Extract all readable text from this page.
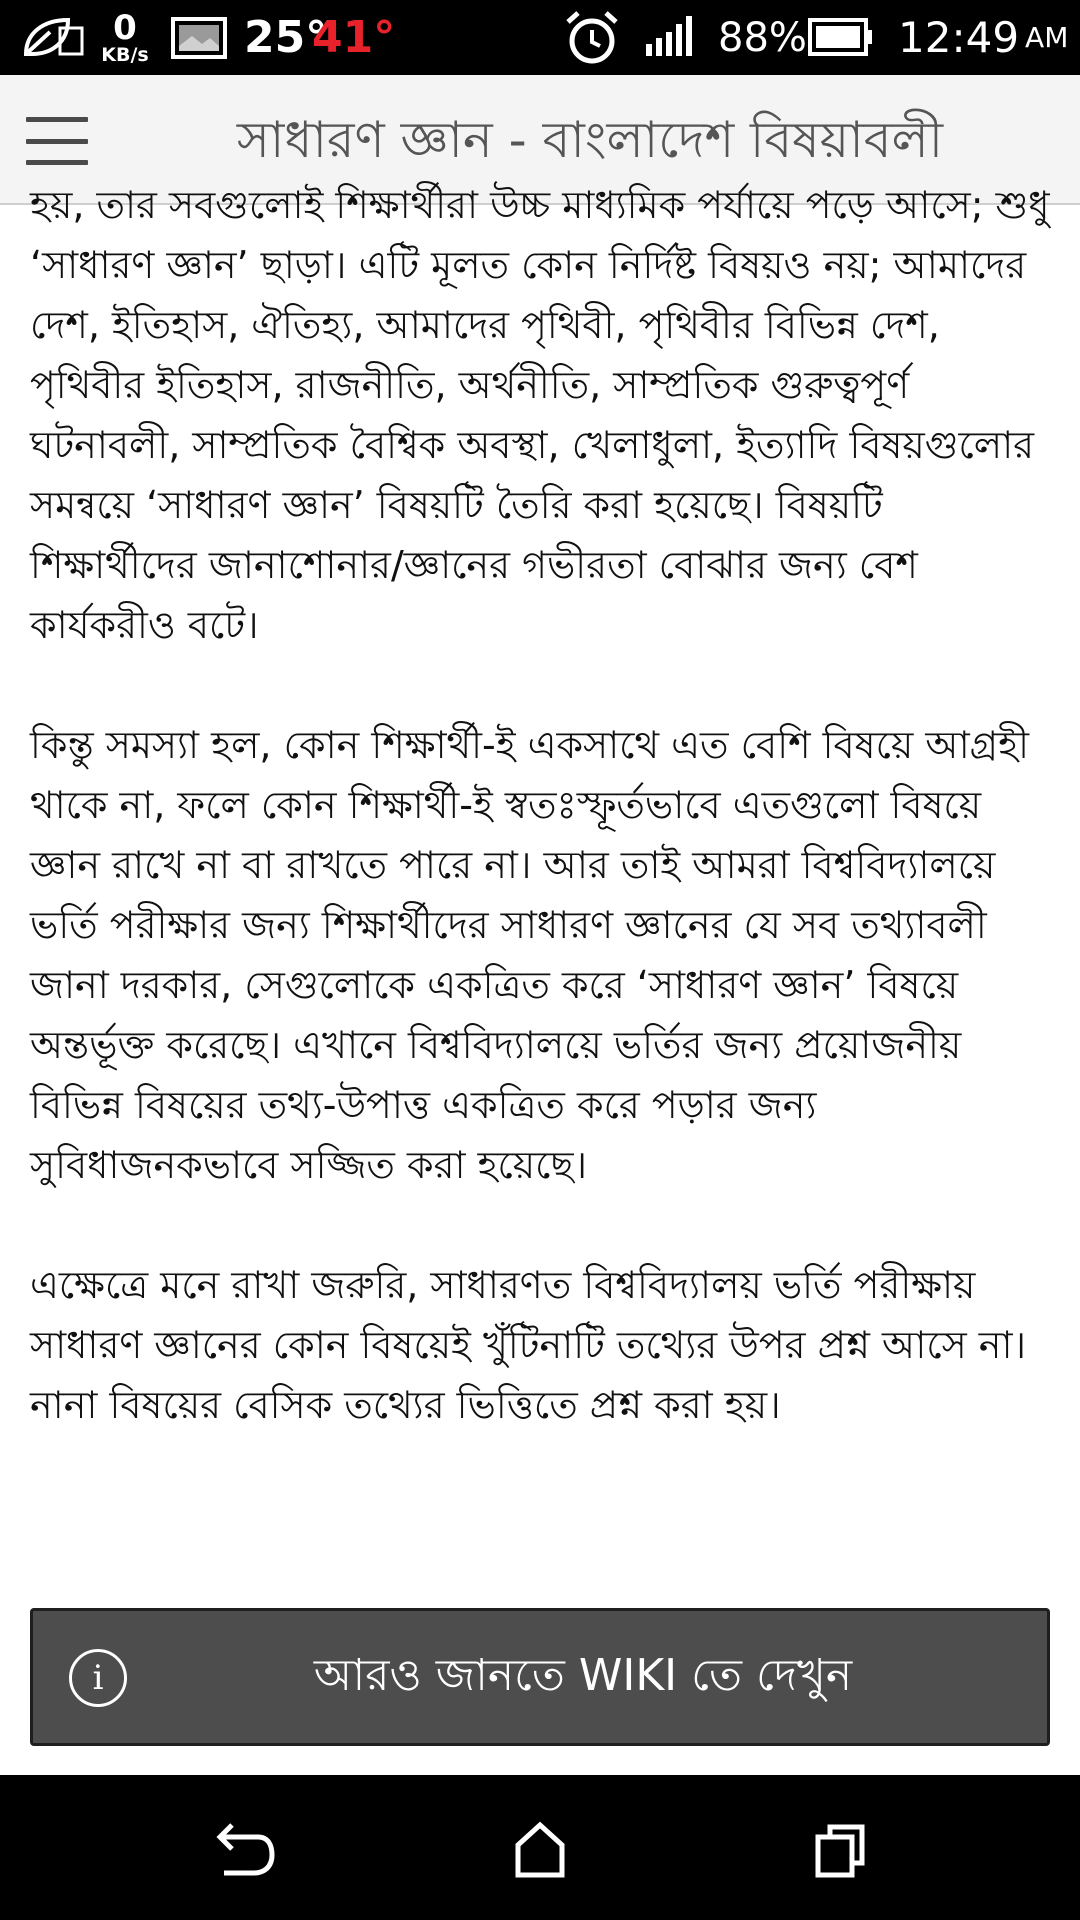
0
KB/s 25°
41°	88% 12:49 AM
সাধারণ জ্ঞান - বাংলাদেশ বিষয়াবলী

হয়, তার সবগুলোই শিক্ষার্থীরা উচ্চ মাধ্যমিক পর্যায়ে পড়ে আসে; শুধু ‘সাধারণ জ্ঞান’ ছাড়া। এটি মূলত কোন নির্দিষ্ট বিষয়ও নয়; আমাদের দেশ, ইতিহাস, ঐতিহ্য, আমাদের পৃথিবী, পৃথিবীর বিভিন্ন দেশ, পৃথিবীর ইতিহাস, রাজনীতি, অর্থনীতি, সাম্প্রতিক গুরুত্বপূর্ণ ঘটনাবলী, সাম্প্রতিক বৈশ্বিক অবস্থা, খেলাধুলা, ইত্যাদি বিষয়গুলোর সমন্বয়ে ‘সাধারণ জ্ঞান’ বিষয়টি তৈরি করা হয়েছে। বিষয়টি শিক্ষার্থীদের জানাশোনার/জ্ঞানের গভীরতা বোঝার জন্য বেশ কার্যকরীও বটে।

কিন্তু সমস্যা হল, কোন শিক্ষার্থী-ই একসাথে এত বেশি বিষয়ে আগ্রহী থাকে না, ফলে কোন শিক্ষার্থী-ই স্বতঃস্ফূর্তভাবে এতগুলো বিষয়ে জ্ঞান রাখে না বা রাখতে পারে না। আর তাই আমরা বিশ্ববিদ্যালয়ে ভর্তি পরীক্ষার জন্য শিক্ষার্থীদের সাধারণ জ্ঞানের যে সব তথ্যাবলী জানা দরকার, সেগুলোকে একত্রিত করে ‘সাধারণ জ্ঞান’ বিষয়ে অন্তর্ভূক্ত করেছে। এখানে বিশ্ববিদ্যালয়ে ভর্তির জন্য প্রয়োজনীয় বিভিন্ন বিষয়ের তথ্য-উপাত্ত একত্রিত করে পড়ার জন্য সুবিধাজনকভাবে সজ্জিত করা হয়েছে।

এক্ষেত্রে মনে রাখা জরুরি, সাধারণত বিশ্ববিদ্যালয় ভর্তি পরীক্ষায় সাধারণ জ্ঞানের কোন বিষয়েই খুঁটিনাটি তথ্যের উপর প্রশ্ন আসে না। নানা বিষয়ের বেসিক তথ্যের ভিত্তিতে প্রশ্ন করা হয়।

i	আরও জানতে WIKI তে দেখুন
